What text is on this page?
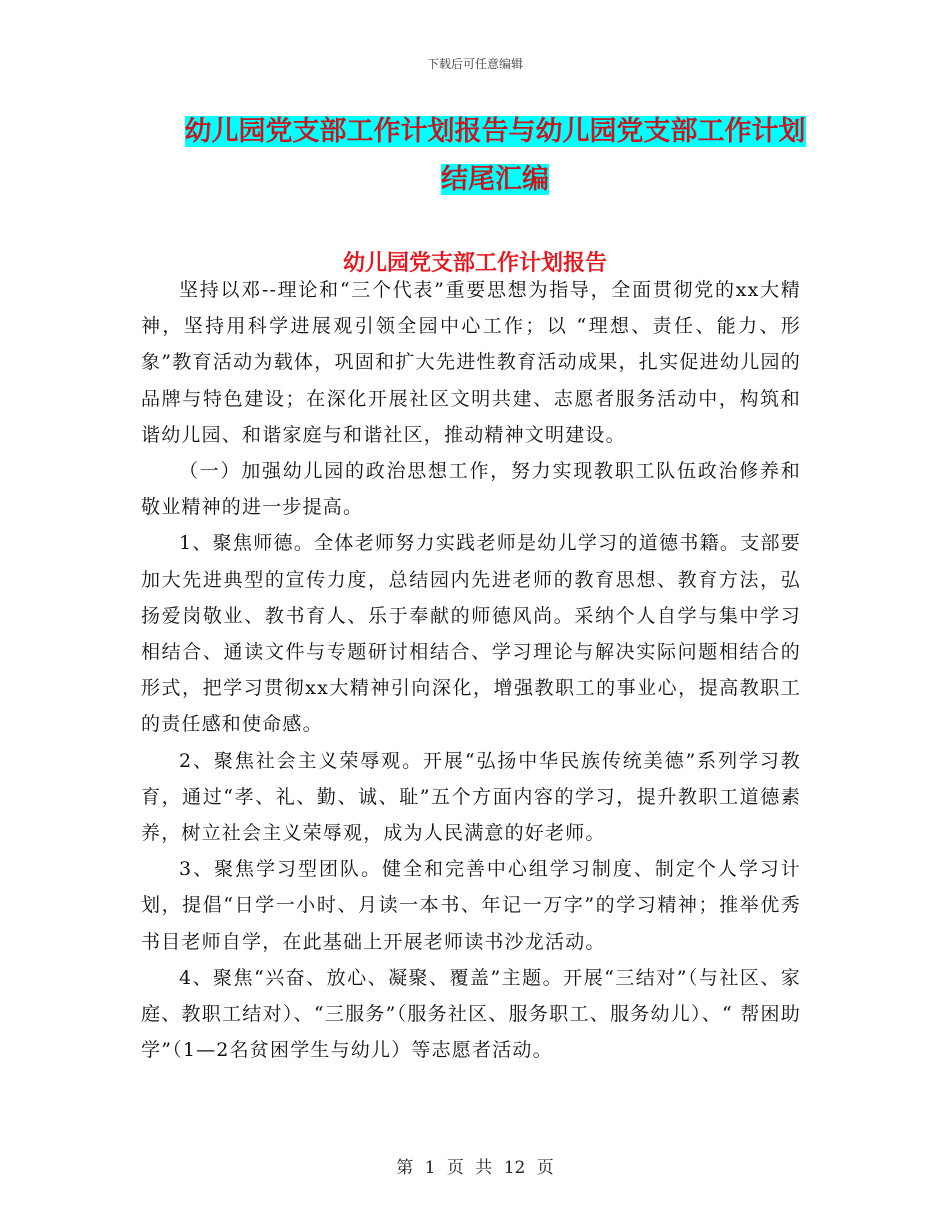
下载后可任意编辑
幼儿园党支部工作计划报告与幼儿园党支部工作计划
结尾汇编
幼儿园党支部工作计划报告

坚持以邓--理论和“三个代表”重要思想为指导，全面贯彻党的xx大精神，坚持用科学进展观引领全园中心工作；以 “理想、责任、能力、形象”教育活动为载体，巩固和扩大先进性教育活动成果，扎实促进幼儿园的品牌与特色建设；在深化开展社区文明共建、志愿者服务活动中，构筑和谐幼儿园、和谐家庭与和谐社区，推动精神文明建设。

（一）加强幼儿园的政治思想工作，努力实现教职工队伍政治修养和敬业精神的进一步提高。

1、聚焦师德。全体老师努力实践老师是幼儿学习的道德书籍。支部要加大先进典型的宣传力度，总结园内先进老师的教育思想、教育方法，弘扬爱岗敬业、教书育人、乐于奉献的师德风尚。采纳个人自学与集中学习相结合、通读文件与专题研讨相结合、学习理论与解决实际问题相结合的形式，把学习贯彻xx大精神引向深化，增强教职工的事业心，提高教职工的责任感和使命感。

2、聚焦社会主义荣辱观。开展“弘扬中华民族传统美德”系列学习教育，通过“孝、礼、勤、诚、耻”五个方面内容的学习，提升教职工道德素养，树立社会主义荣辱观，成为人民满意的好老师。

3、聚焦学习型团队。健全和完善中心组学习制度、制定个人学习计划，提倡“日学一小时、月读一本书、年记一万字”的学习精神；推举优秀书目老师自学，在此基础上开展老师读书沙龙活动。

4、聚焦“兴奋、放心、凝聚、覆盖”主题。开展“三结对”（与社区、家庭、教职工结对）、“三服务”（服务社区、服务职工、服务幼儿）、“ 帮困助学”（1—2名贫困学生与幼儿）等志愿者活动。

第 1 页 共 12 页
